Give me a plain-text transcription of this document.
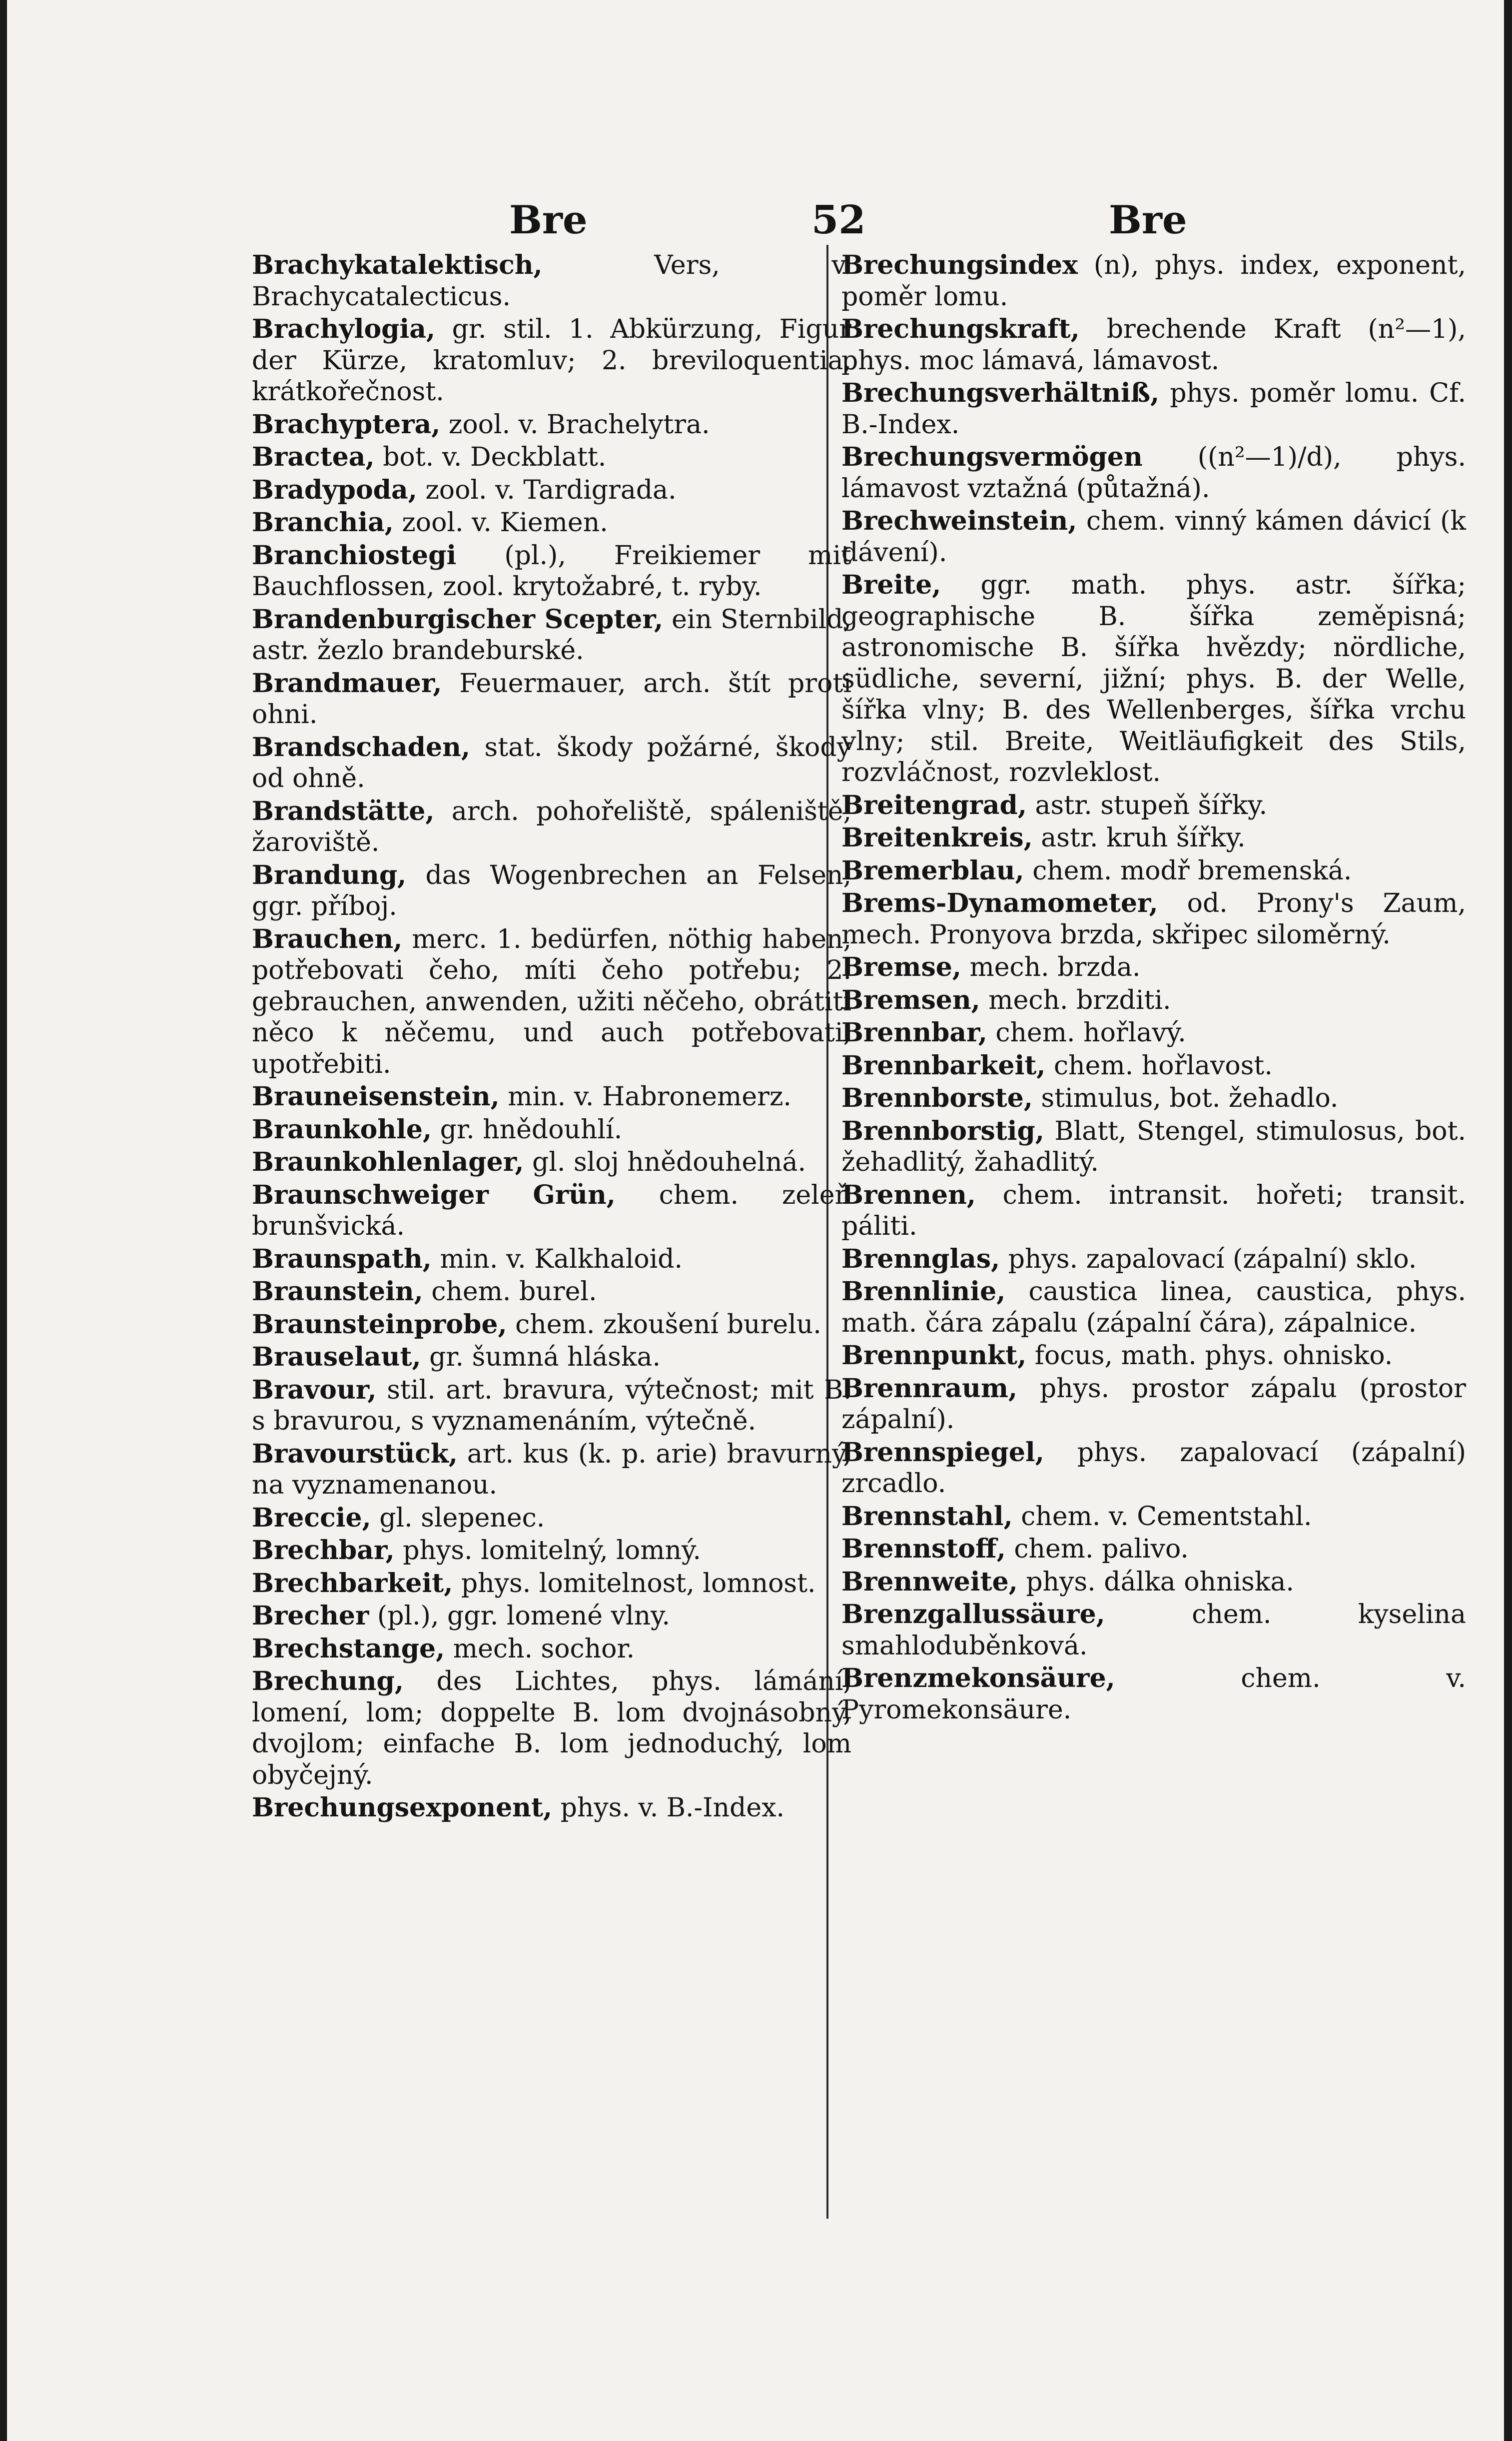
Bre	52	Bre
Brachykatalektisch,	Vers, v. Brachycatalecticus.
Brachylogia, gr. stil. 1. Abkürzung, Figur der Kürze, kratomluv; 2. breviloquentia, krátkořečnost.
Brachyptera, zool. v. Brachelytra.
Bractea, bot. v. Deckblatt.
Bradypoda, zool. v. Tardigrada.
Branchia, zool. v. Kiemen.
Branchiostegi (pl.), Freikiemer mit Bauchflossen, zool. krytožabré, t. ryby.
Brandenburgischer Scepter, ein Sternbild, astr. žezlo brandeburské.
Brandmauer, Feuermauer, arch. štít proti ohni.
Brandschaden, stat. škody požárné, škody od ohně.
Brandstätte, arch. pohořeliště, spáleniště, žaroviště.
Brandung, das Wogenbrechen an Felsen, ggr. příboj.
Brauchen, merc. 1. bedürfen, nöthig haben, potřebovati čeho, míti čeho potřebu; 2. gebrauchen, anwenden, užiti něčeho, obrátiti něco k něčemu, und auch potřebovati, upotřebiti.
Brauneisenstein, min. v. Habronemerz.
Braunkohle, gr. hnědouhlí.
Braunkohlenlager, gl. sloj hnědouhelná.
Braunschweiger Grün, chem. zeleň brunšvická.
Braunspath, min. v. Kalkhaloid.
Braunstein, chem. burel.
Braunsteinprobe, chem. zkoušení burelu.
Brauselaut, gr. šumná hláska.
Bravour, stil. art. bravura, výtečnost; mit B. s bravurou, s vyznamenáním, výtečně.
Bravourstück, art. kus (k. p. arie) bravurný, na vyznamenanou.
Breccie, gl. slepenec.
Brechbar, phys. lomitelný, lomný.
Brechbarkeit, phys. lomitelnost, lomnost.
Brecher (pl.), ggr. lomené vlny.
Brechstange, mech. sochor.
Brechung, des Lichtes, phys. lámání, lomení, lom; doppelte B. lom dvojnásobný, dvojlom; einfache B. lom jednoduchý, lom obyčejný.
Brechungsexponent, phys. v. B.-Index.
Brechungsindex (n), phys. index, exponent, poměr lomu.
Brechungskraft, brechende Kraft (n²—1), phys. moc lámavá, lámavost.
Brechungsverhältniß, phys. poměr lomu. Cf. B.-Index.
Brechungsvermögen ((n²—1)/d), phys. lámavost vztažná (půtažná).
Brechweinstein, chem. vinný kámen dávicí (k dávení).
Breite, ggr. math. phys. astr. šířka; geographische B. šířka zeměpisná; astronomische B. šířka hvězdy; nördliche, südliche, severní, jižní; phys. B. der Welle, šířka vlny; B. des Wellenberges, šířka vrchu vlny; stil. Breite, Weitläufigkeit des Stils, rozvláčnost, rozvleklost.
Breitengrad, astr. stupeň šířky.
Breitenkreis, astr. kruh šířky.
Bremerblau, chem. modř bremenská.
Brems-Dynamometer, od. Prony's Zaum, mech. Pronyova brzda, skřipec siloměrný.
Bremse, mech. brzda.
Bremsen, mech. brzditi.
Brennbar, chem. hořlavý.
Brennbarkeit, chem. hořlavost.
Brennborste, stimulus, bot. žehadlo.
Brennborstig, Blatt, Stengel, stimulosus, bot. žehadlitý, žahadlitý.
Brennen, chem. intransit. hořeti; transit. páliti.
Brennglas, phys. zapalovací (zápalní) sklo.
Brennlinie, caustica linea, caustica, phys. math. čára zápalu (zápalní čára), zápalnice.
Brennpunkt, focus, math. phys. ohnisko.
Brennraum, phys. prostor zápalu (prostor zápalní).
Brennspiegel, phys. zapalovací (zápalní) zrcadlo.
Brennstahl, chem. v. Cementstahl.
Brennstoff, chem. palivo.
Brennweite, phys. dálka ohniska.
Brenzgallussäure,	chem. kyselina smahloduběnková.
Brenzmekonsäure,	chem. v. Pyromekonsäure.
